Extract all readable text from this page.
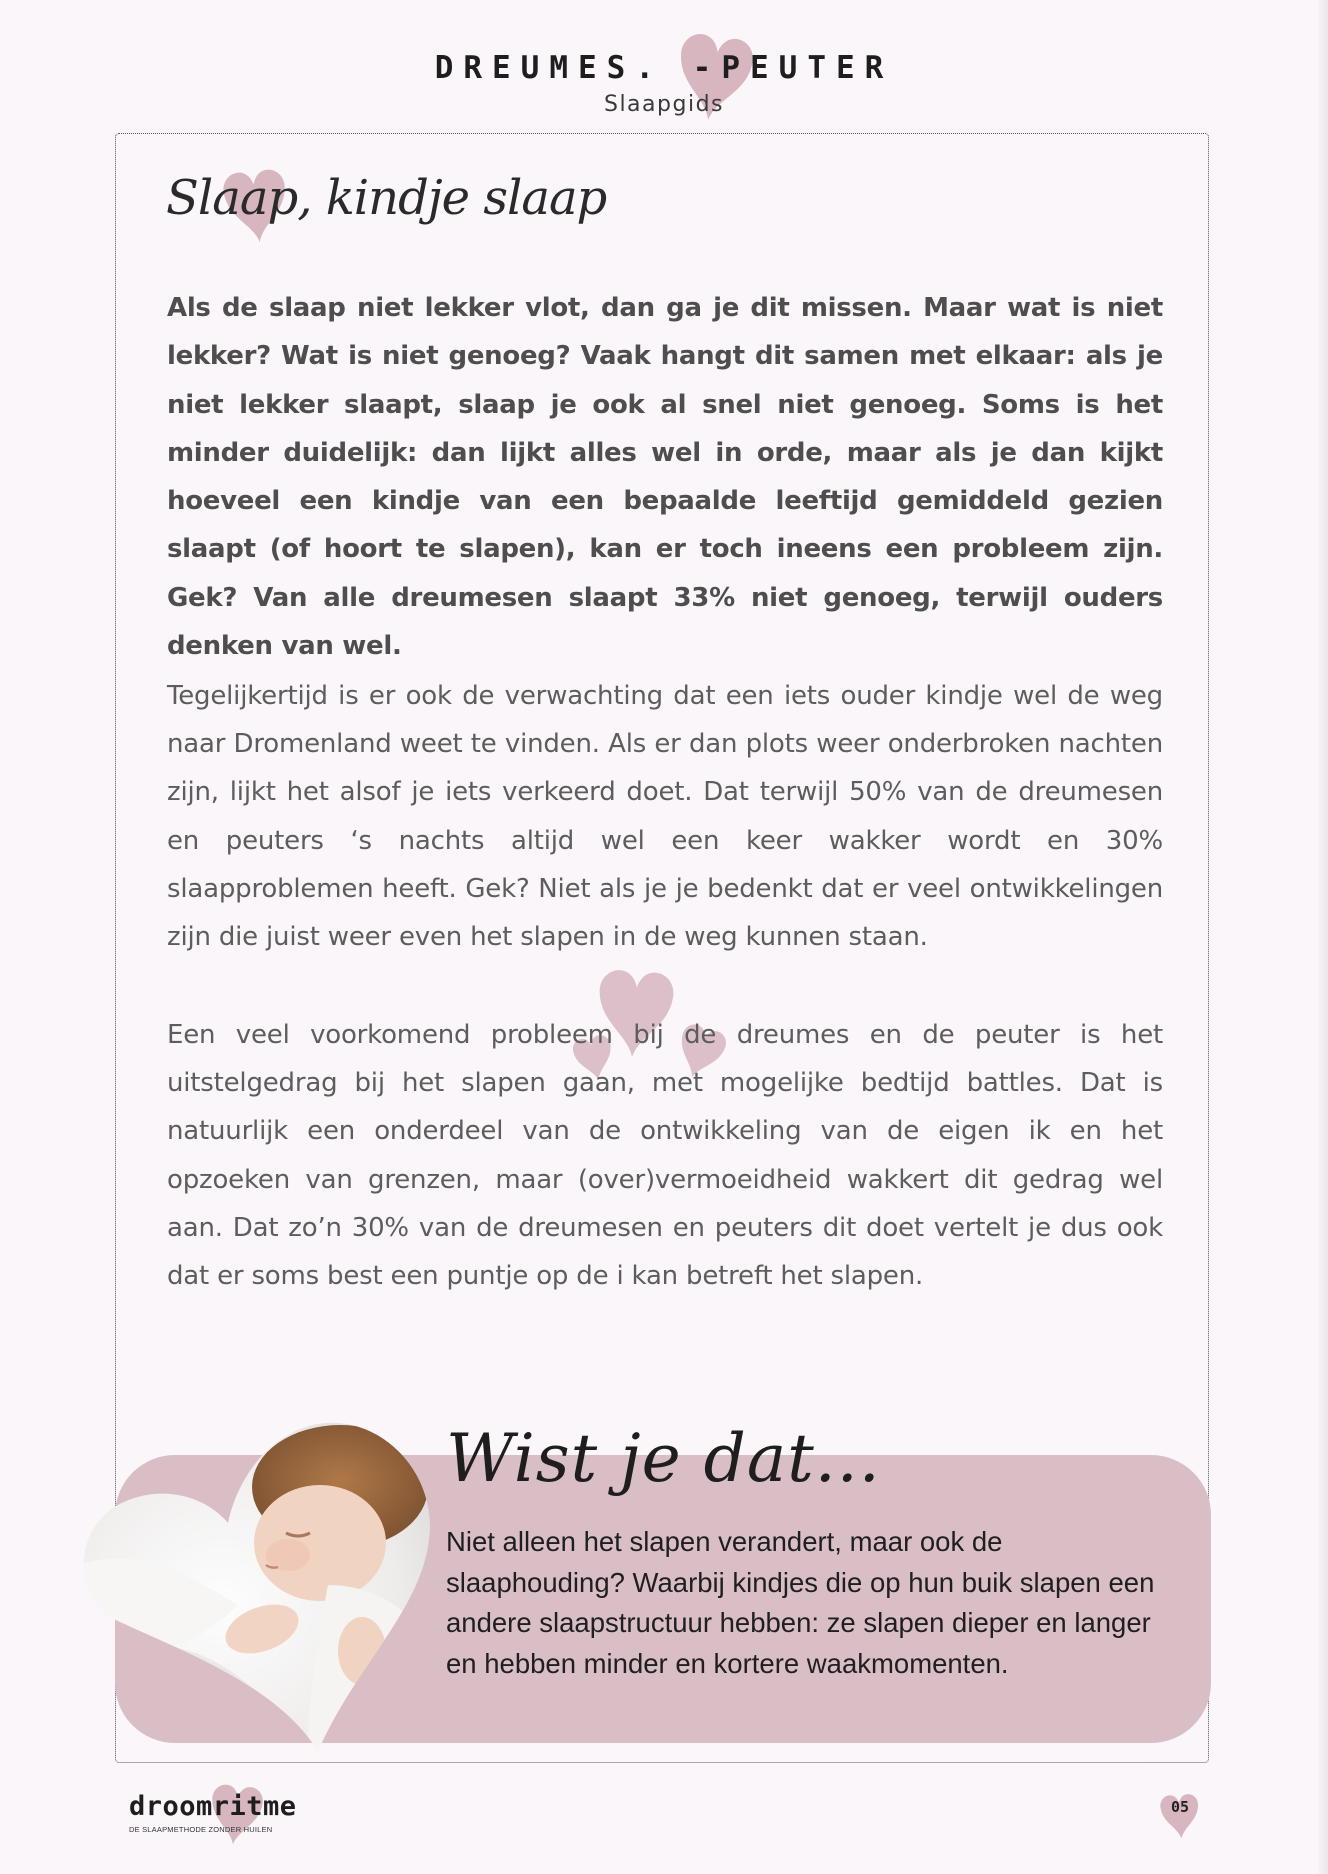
DREUMES. -PEUTER
Slaapgids
Slaap, kindje slaap

Als de slaap niet lekker vlot, dan ga je dit missen. Maar wat is niet lekker? Wat is niet genoeg? Vaak hangt dit samen met elkaar: als je niet lekker slaapt, slaap je ook al snel niet genoeg. Soms is het minder duidelijk: dan lijkt alles wel in orde, maar als je dan kijkt hoeveel een kindje van een bepaalde leeftijd gemiddeld gezien slaapt (of hoort te slapen), kan er toch ineens een probleem zijn. Gek? Van alle dreumesen slaapt 33% niet genoeg, terwijl ouders denken van wel.

Tegelijkertijd is er ook de verwachting dat een iets ouder kindje wel de weg naar Dromenland weet te vinden. Als er dan plots weer onderbroken nachten zijn, lijkt het alsof je iets verkeerd doet. Dat terwijl 50% van de dreumesen en peuters ‘s nachts altijd wel een keer wakker wordt en 30% slaapproblemen heeft. Gek? Niet als je je bedenkt dat er veel ontwikkelingen zijn die juist weer even het slapen in de weg kunnen staan.

Een veel voorkomend probleem bij de dreumes en de peuter is het uitstelgedrag bij het slapen gaan, met mogelijke bedtijd battles. Dat is natuurlijk een onderdeel van de ontwikkeling van de eigen ik en het opzoeken van grenzen, maar (over)vermoeidheid wakkert dit gedrag wel aan. Dat zo’n 30% van de dreumesen en peuters dit doet vertelt je dus ook dat er soms best een puntje op de i kan betreft het slapen.

Wist je dat...

Niet alleen het slapen verandert, maar ook de slaaphouding? Waarbij kindjes die op hun buik slapen een andere slaapstructuur hebben: ze slapen dieper en langer en hebben minder en kortere waakmomenten.

droomritme
DE SLAAPMETHODE ZONDER HUILEN
05
